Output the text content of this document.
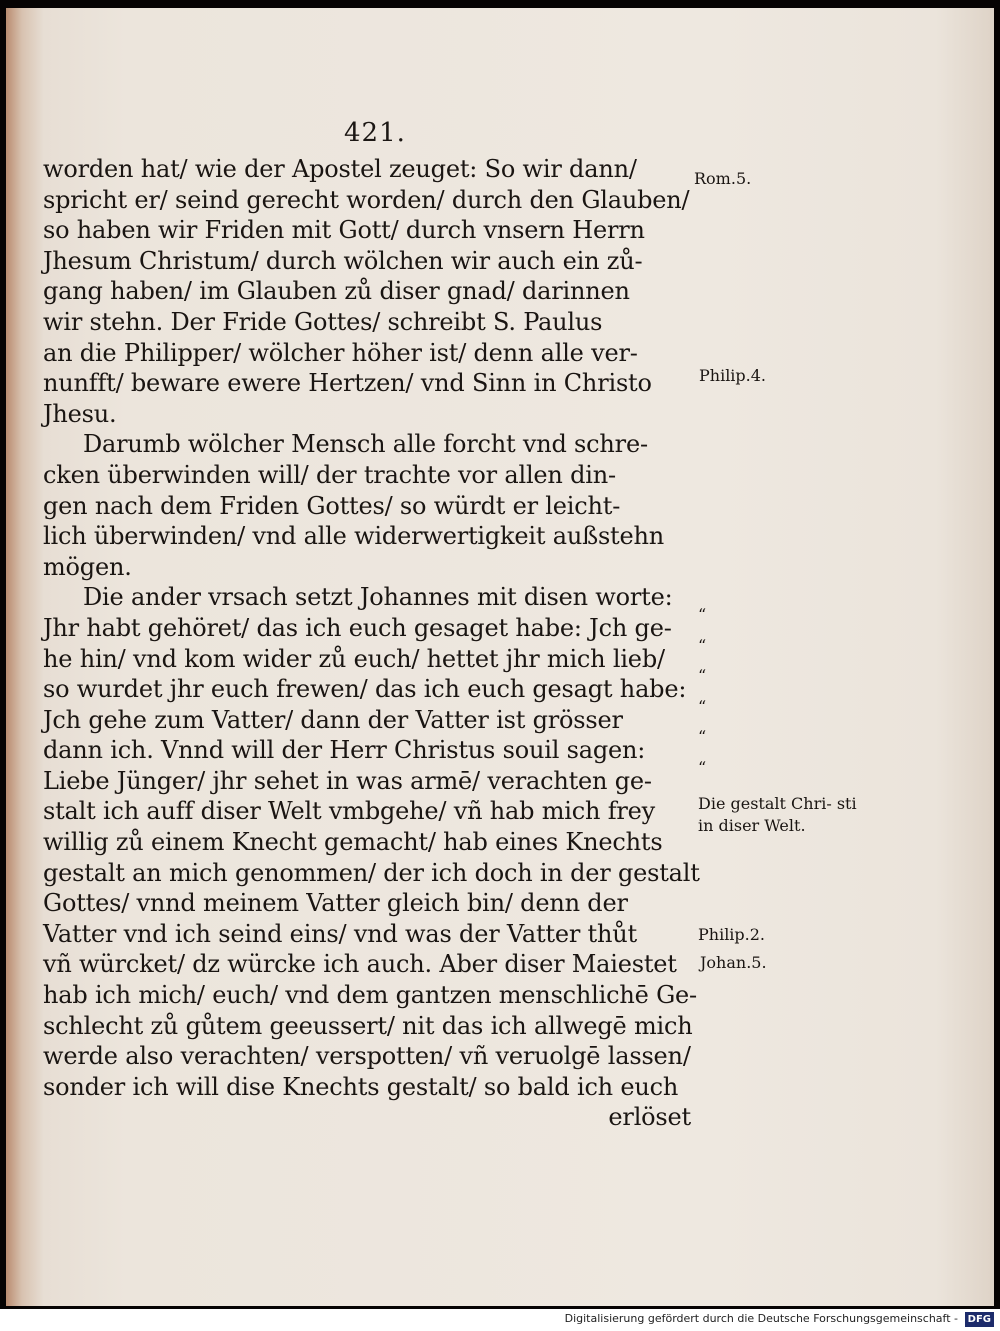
421.
worden hat/ wie der Apostel zeuget: So wir dann/
spricht er/ seind gerecht worden/ durch den Glauben/
so haben wir Friden mit Gott/ durch vnsern Herrn
Jhesum Christum/ durch wölchen wir auch ein zů-
gang haben/ im Glauben zů diser gnad/ darinnen
wir stehn. Der Fride Gottes/ schreibt S. Paulus
an die Philipper/ wölcher höher ist/ denn alle ver-
nunfft/ beware ewere Hertzen/ vnd Sinn in Christo
Jhesu.
Darumb wölcher Mensch alle forcht vnd schre-
cken überwinden will/ der trachte vor allen din-
gen nach dem Friden Gottes/ so würdt er leicht-
lich überwinden/ vnd alle widerwertigkeit außstehn
mögen.
Die ander vrsach setzt Johannes mit disen worte:
Jhr habt gehöret/ das ich euch gesaget habe: Jch ge-
he hin/ vnd kom wider zů euch/ hettet jhr mich lieb/
so wurdet jhr euch frewen/ das ich euch gesagt habe:
Jch gehe zum Vatter/ dann der Vatter ist grösser
dann ich. Vnnd will der Herr Christus souil sagen:
Liebe Jünger/ jhr sehet in was armē/ verachten ge-
stalt ich auff diser Welt vmbgehe/ vñ hab mich frey
willig zů einem Knecht gemacht/ hab eines Knechts
gestalt an mich genommen/ der ich doch in der gestalt
Gottes/ vnnd meinem Vatter gleich bin/ denn der
Vatter vnd ich seind eins/ vnd was der Vatter thůt
vñ würcket/ dz würcke ich auch. Aber diser Maiestet
hab ich mich/ euch/ vnd dem gantzen menschlichē Ge-
schlecht zů gůtem geeussert/ nit das ich allwegē mich
werde also verachten/ verspotten/ vñ veruolgē lassen/
sonder ich will dise Knechts gestalt/ so bald ich euch
erlöset
Rom.5.
Philip.4.
Die gestalt Chri- sti in diser Welt.
Philip.2.
Johan.5.
“
“
“
“
“
“
Digitalisierung gefördert durch die Deutsche Forschungsgemeinschaft - DFG
